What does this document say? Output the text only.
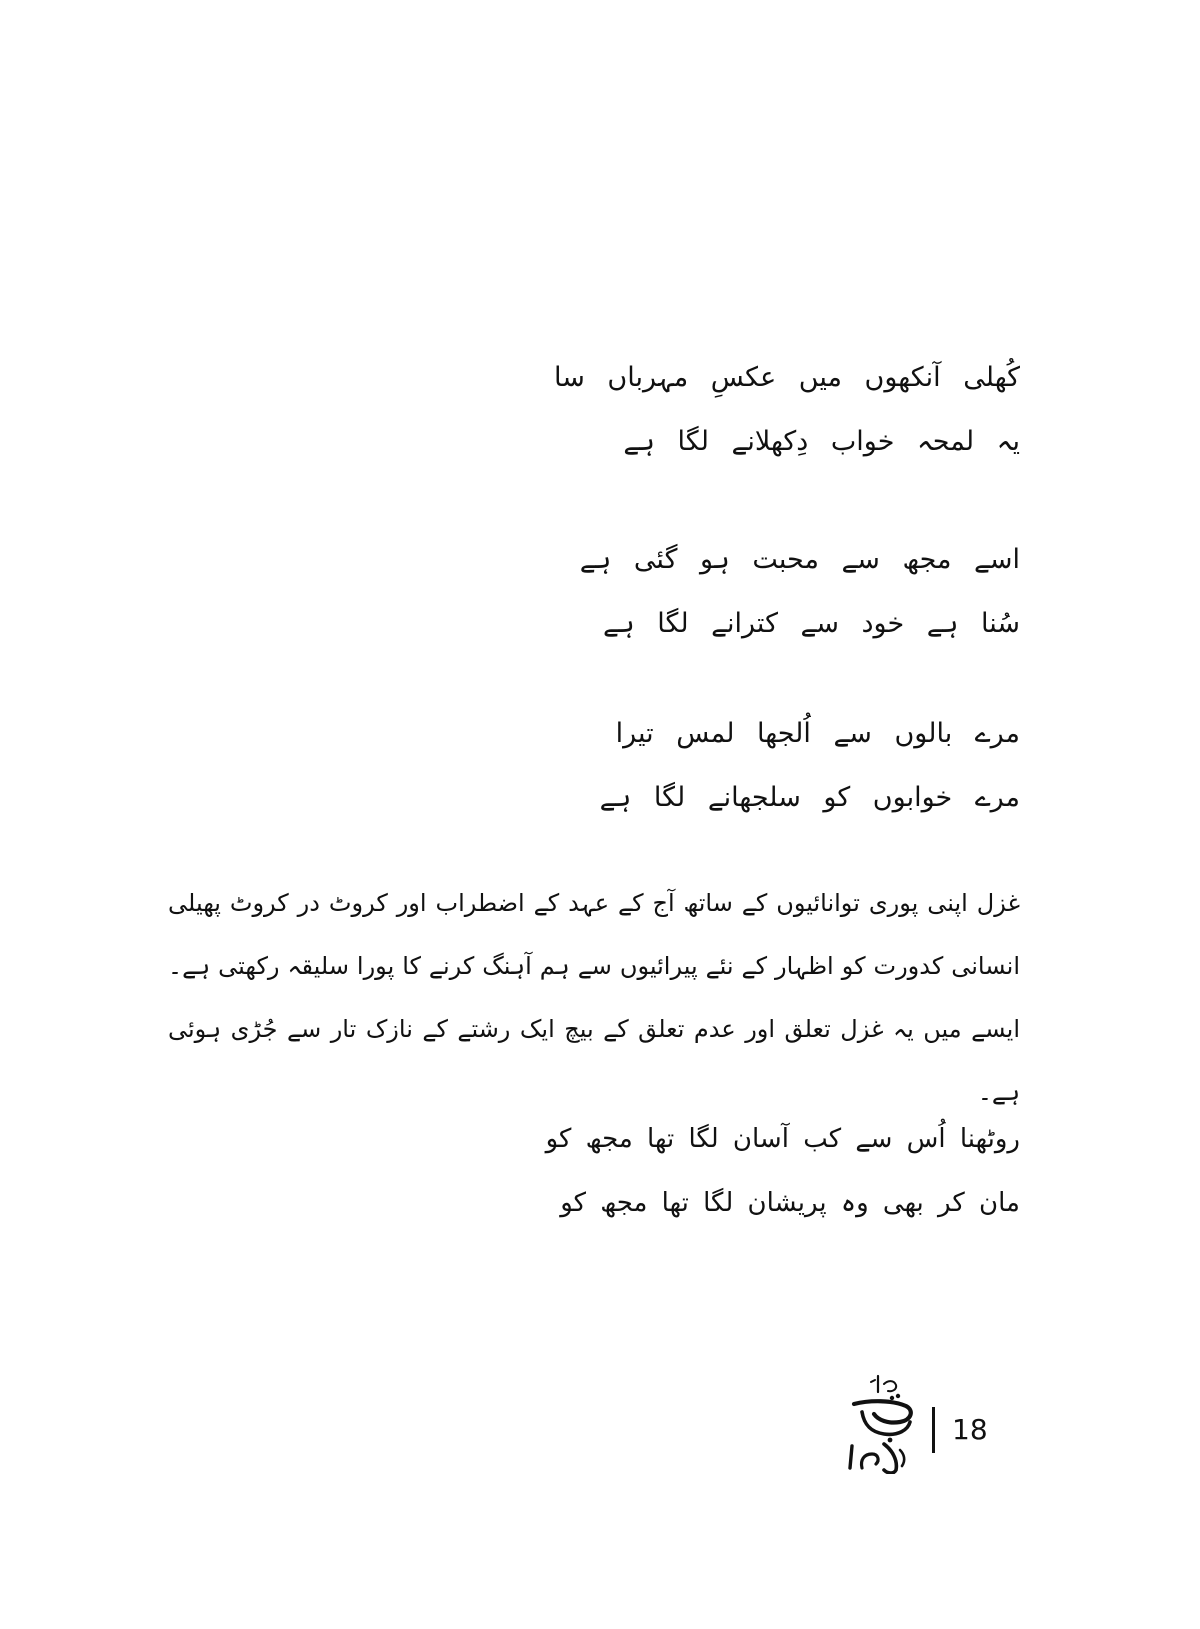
کُھلی آنکھوں میں عکسِ مہرباں سا
یہ لمحہ خواب دِکھلانے لگا ہے
اسے مجھ سے محبت ہو گئی ہے
سُنا ہے خود سے کترانے لگا ہے
مرے بالوں سے اُلجھا لمس تیرا
مرے خوابوں کو سلجھانے لگا ہے

غزل اپنی پوری توانائیوں کے ساتھ آج کے عہد کے اضطراب اور کروٹ در کروٹ پھیلی انسانی کدورت کو اظہار کے نئے پیرائیوں سے ہم آہنگ کرنے کا پورا سلیقہ رکھتی ہے۔ ایسے میں یہ غزل تعلق اور عدم تعلق کے بیچ ایک رشتے کے نازک تار سے جُڑی ہوئی ہے۔

روٹھنا اُس سے کب آسان لگا تھا مجھ کو
مان کر بھی وہ پریشان لگا تھا مجھ کو
18
